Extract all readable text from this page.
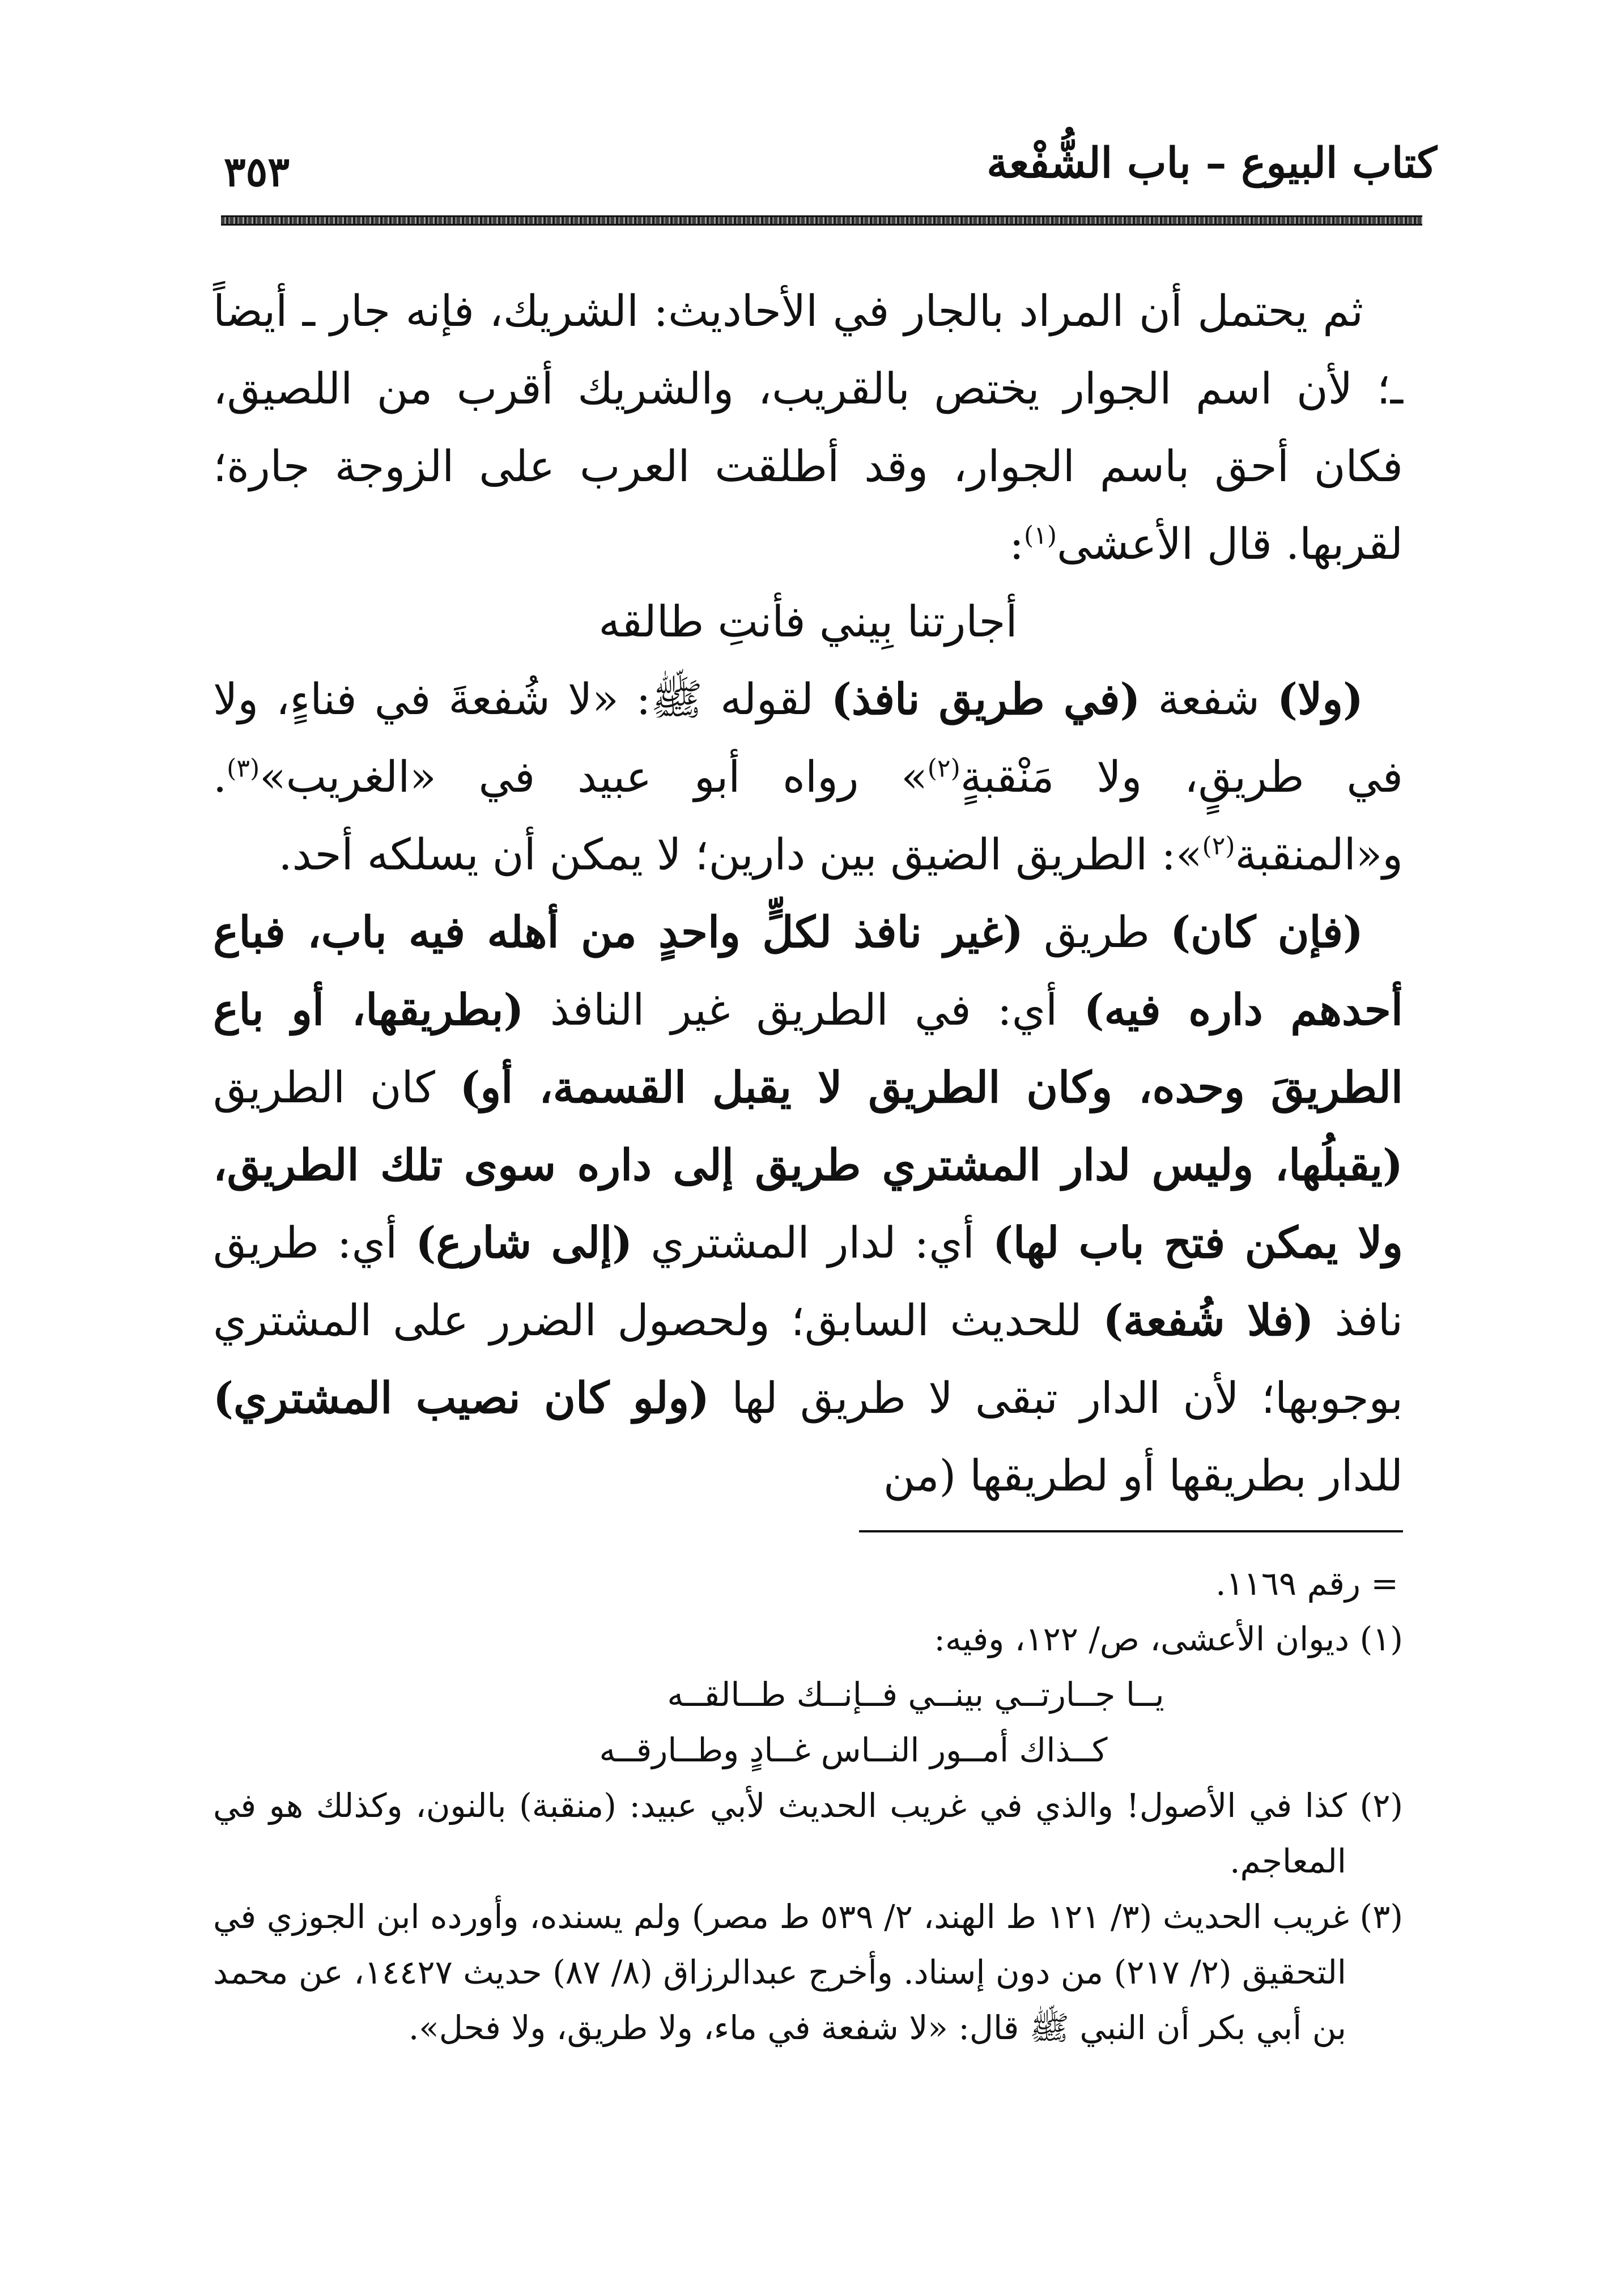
كتاب البيوع – باب الشُّفْعة
٣٥٣

ثم يحتمل أن المراد بالجار في الأحاديث: الشريك، فإنه جار ـ أيضاً ـ؛ لأن اسم الجوار يختص بالقريب، والشريك أقرب من اللصيق، فكان أحق باسم الجوار، وقد أطلقت العرب على الزوجة جارة؛ لقربها. قال الأعشى$^{(١)}$:

أجارتنا بِيني فأنتِ طالقه

(ولا) شفعة (في طريق نافذ) لقوله ﷺ: «لا شُفعةَ في فناءٍ، ولا في طريقٍ، ولا مَنْقبةٍ$^{(٢)}$» رواه أبو عبيد في «الغريب»$^{(٣)}$. و«المنقبة$^{(٢)}$»: الطريق الضيق بين دارين؛ لا يمكن أن يسلكه أحد.

(فإن كان) طريق (غير نافذ لكلٍّ واحدٍ من أهله فيه باب، فباع أحدهم داره فيه) أي: في الطريق غير النافذ (بطريقها، أو باع الطريقَ وحده، وكان الطريق لا يقبل القسمة، أو) كان الطريق (يقبلُها، وليس لدار المشتري طريق إلى داره سوى تلك الطريق، ولا يمكن فتح باب لها) أي: لدار المشتري (إلى شارع) أي: طريق نافذ (فلا شُفعة) للحديث السابق؛ ولحصول الضرر على المشتري بوجوبها؛ لأن الدار تبقى لا طريق لها (ولو كان نصيب المشتري) للدار بطريقها أو لطريقها (من

= رقم ١١٦٩.

(١) ديوان الأعشى، ص/ ١٢٢، وفيه:

يــا جــارتــي بينــي فــإنــك طــالقــه

كــذاك أمــور النــاس غــادٍ وطــارقــه

(٢) كذا في الأصول! والذي في غريب الحديث لأبي عبيد: (منقبة) بالنون، وكذلك هو في المعاجم.

(٣) غريب الحديث (٣/ ١٢١ ط الهند، ٢/ ٥٣٩ ط مصر) ولم يسنده، وأورده ابن الجوزي في التحقيق (٢/ ٢١٧) من دون إسناد. وأخرج عبدالرزاق (٨/ ٨٧) حديث ١٤٤٢٧، عن محمد بن أبي بكر أن النبي ﷺ قال: «لا شفعة في ماء، ولا طريق، ولا فحل».
